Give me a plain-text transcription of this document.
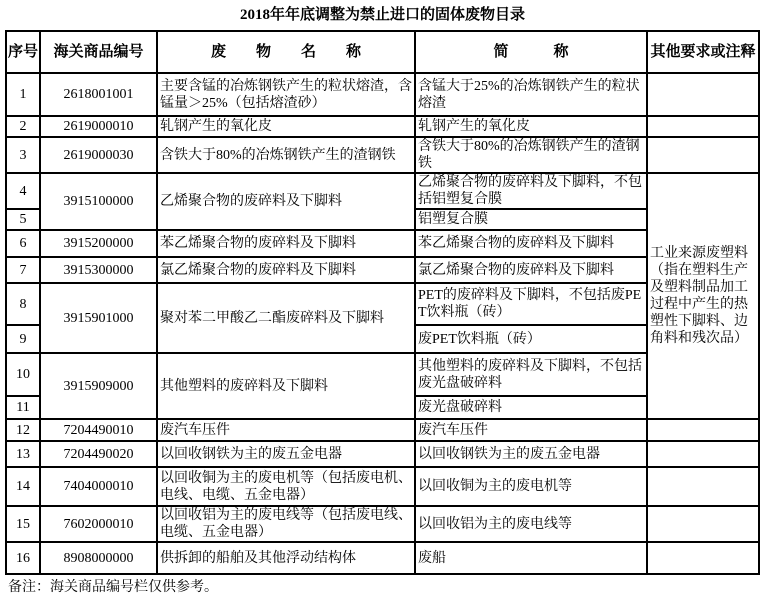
2018年年底调整为禁止进口的固体废物目录
序号	海关商品编号	废　　物　　名　　称	简　　　称	其他要求或注释
1	2618001001	主要含锰的冶炼钢铁产生的粒状熔渣，含锰量＞25%（包括熔渣砂）	含锰大于25%的冶炼钢铁产生的粒状熔渣	
2	2619000010	轧钢产生的氧化皮	轧钢产生的氧化皮	
3	2619000030	含铁大于80%的冶炼钢铁产生的渣钢铁	含铁大于80%的冶炼钢铁产生的渣钢铁	
4	3915100000	乙烯聚合物的废碎料及下脚料	乙烯聚合物的废碎料及下脚料，不包括铝塑复合膜	工业来源废塑料（指在塑料生产及塑料制品加工过程中产生的热塑性下脚料、边角料和残次品）
5			铝塑复合膜	
6	3915200000	苯乙烯聚合物的废碎料及下脚料	苯乙烯聚合物的废碎料及下脚料	
7	3915300000	氯乙烯聚合物的废碎料及下脚料	氯乙烯聚合物的废碎料及下脚料	
8	3915901000	聚对苯二甲酸乙二酯废碎料及下脚料	PET的废碎料及下脚料，不包括废PET饮料瓶（砖）	
9			废PET饮料瓶（砖）	
10	3915909000	其他塑料的废碎料及下脚料	其他塑料的废碎料及下脚料，不包括废光盘破碎料	
11			废光盘破碎料	
12	7204490010	废汽车压件	废汽车压件	
13	7204490020	以回收钢铁为主的废五金电器	以回收钢铁为主的废五金电器	
14	7404000010	以回收铜为主的废电机等（包括废电机、电线、电缆、五金电器）	以回收铜为主的废电机等	
15	7602000010	以回收铝为主的废电线等（包括废电线、电缆、五金电器）	以回收铝为主的废电线等	
16	8908000000	供拆卸的船舶及其他浮动结构体	废船	
备注：海关商品编号栏仅供参考。
